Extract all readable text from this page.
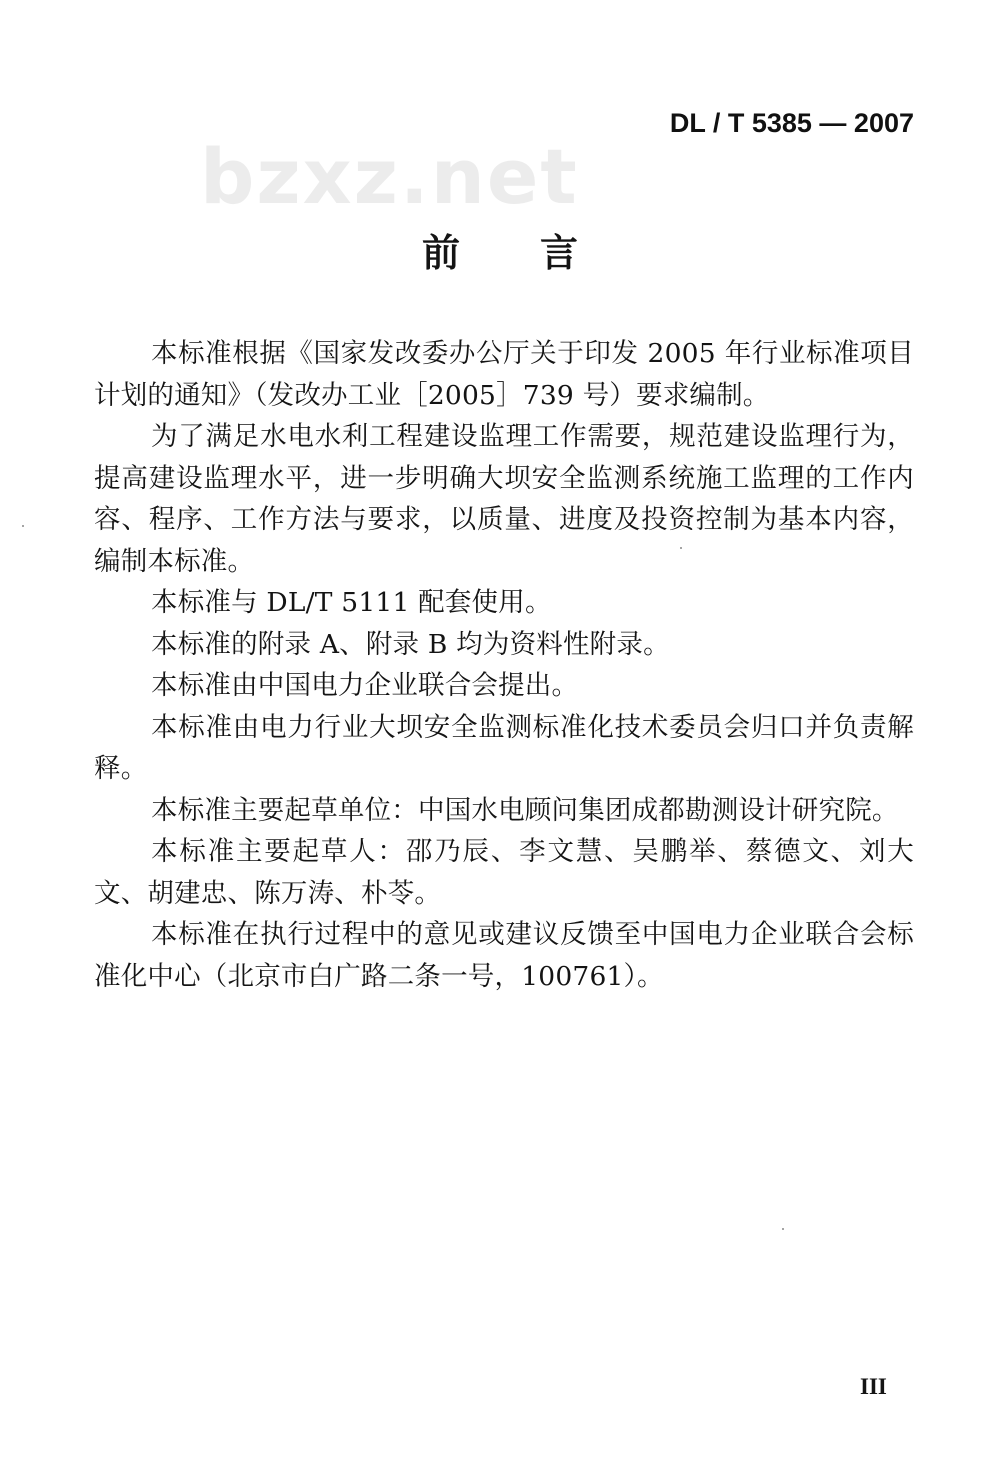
bzxz.net
DL / T 5385 — 2007
前言

本标准根据《国家发改委办公厅关于印发 2005 年行业标准项目计划的通知》（发改办工业［2005］739 号）要求编制。

为了满足水电水利工程建设监理工作需要，规范建设监理行为，提高建设监理水平，进一步明确大坝安全监测系统施工监理的工作内容、程序、工作方法与要求，以质量、进度及投资控制为基本内容，编制本标准。

本标准与 DL/T 5111 配套使用。

本标准的附录 A、附录 B 均为资料性附录。

本标准由中国电力企业联合会提出。

本标准由电力行业大坝安全监测标准化技术委员会归口并负责解释。

本标准主要起草单位：中国水电顾问集团成都勘测设计研究院。

本标准主要起草人：邵乃辰、李文慧、吴鹏举、蔡德文、刘大文、胡建忠、陈万涛、朴苓。

本标准在执行过程中的意见或建议反馈至中国电力企业联合会标准化中心（北京市白广路二条一号，100761）。

III
